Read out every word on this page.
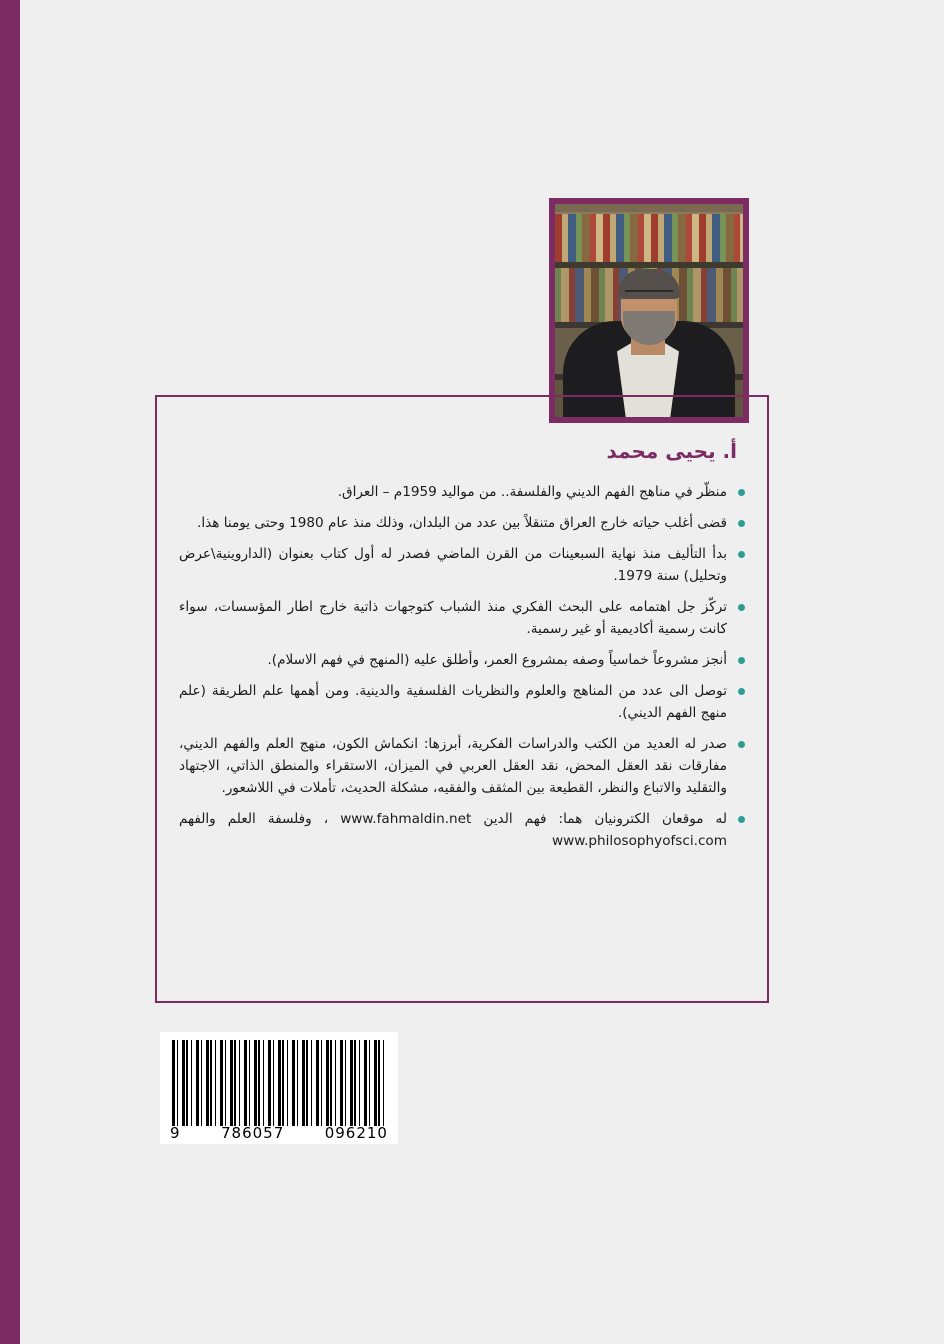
أ. يحيى محمد
منظّر في مناهج الفهم الديني والفلسفة.. من مواليد 1959م – العراق.
قضى أغلب حياته خارج العراق متنقلاً بين عدد من البلدان، وذلك منذ عام 1980 وحتى يومنا هذا.
بدأ التأليف منذ نهاية السبعينات من القرن الماضي فصدر له أول كتاب بعنوان (الداروينية\عرض وتحليل) سنة 1979.
تركّز جل اهتمامه على البحث الفكري منذ الشباب كتوجهات ذاتية خارج اطار المؤسسات، سواء كانت رسمية أكاديمية أو غير رسمية.
أنجز مشروعاً خماسياً وصفه بمشروع العمر، وأطلق عليه (المنهج في فهم الاسلام).
توصل الى عدد من المناهج والعلوم والنظريات الفلسفية والدينية. ومن أهمها علم الطريقة (علم منهج الفهم الديني).
صدر له العديد من الكتب والدراسات الفكرية، أبرزها: انكماش الكون، منهج العلم والفهم الديني، مفارقات نقد العقل المحض، نقد العقل العربي في الميزان، الاستقراء والمنطق الذاتي، الاجتهاد والتقليد والاتباع والنظر، القطيعة بين المثقف والفقيه، مشكلة الحديث، تأملات في اللاشعور.
له موقعان الكترونيان هما: فهم الدين www.fahmaldin.net ، وفلسفة العلم والفهم www.philosophyofsci.com
9	786057	096210
